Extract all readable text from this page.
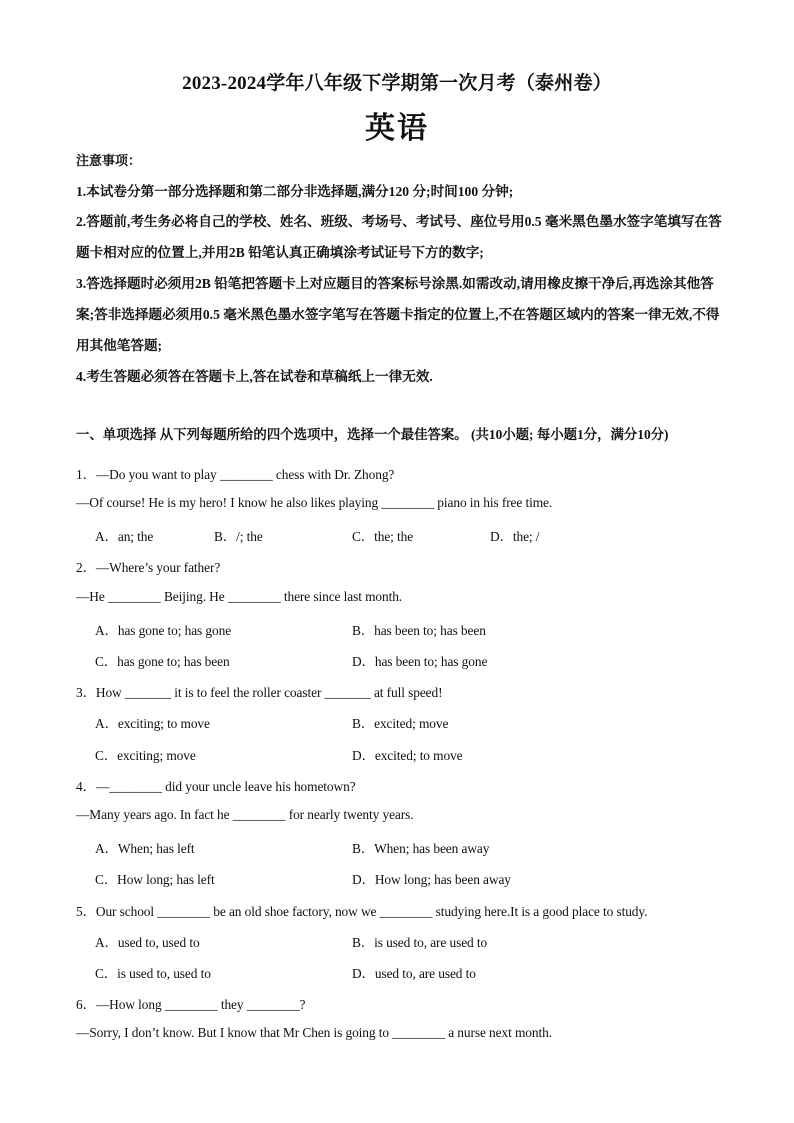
2023-2024学年八年级下学期第一次月考（泰州卷）
英语
注意事项：
1.本试卷分第一部分选择题和第二部分非选择题,满分120 分;时间100 分钟;
2.答题前,考生务必将自己的学校、姓名、班级、考场号、考试号、座位号用0.5 毫米黑色墨水签字笔填写在答题卡相对应的位置上,并用2B 铅笔认真正确填涂考试证号下方的数字;
3.答选择题时必须用2B 铅笔把答题卡上对应题目的答案标号涂黑.如需改动,请用橡皮擦干净后,再选涂其他答案;答非选择题必须用0.5 毫米黑色墨水签字笔写在答题卡指定的位置上,不在答题区域内的答案一律无效,不得用其他笔答题;
4.考生答题必须答在答题卡上,答在试卷和草稿纸上一律无效.
一、单项选择 从下列每题所给的四个选项中，选择一个最佳答案。 (共10小题; 每小题1分，满分10分)
1．—Do you want to play ________ chess with Dr. Zhong?
—Of course! He is my hero! I know he also likes playing ________ piano in his free time.
A．an; the	B．/; the	C．the; the	D．the; /
2．—Where’s your father?
—He ________ Beijing. He ________ there since last month.
A．has gone to; has gone	B．has been to; has been
C．has gone to; has been	D．has been to; has gone
3．How _______ it is to feel the roller coaster _______ at full speed!
A．exciting; to move	B．excited; move
C．exciting; move	D．excited; to move
4．—________ did your uncle leave his hometown?
—Many years ago. In fact he ________ for nearly twenty years.
A．When; has left	B．When; has been away
C．How long; has left	D．How long; has been away
5．Our school ________ be an old shoe factory, now we ________ studying here.It is a good place to study.
A．used to, used to	B．is used to, are used to
C．is used to, used to	D．used to, are used to
6．—How long ________ they ________?
—Sorry, I don’t know. But I know that Mr Chen is going to ________ a nurse next month.
